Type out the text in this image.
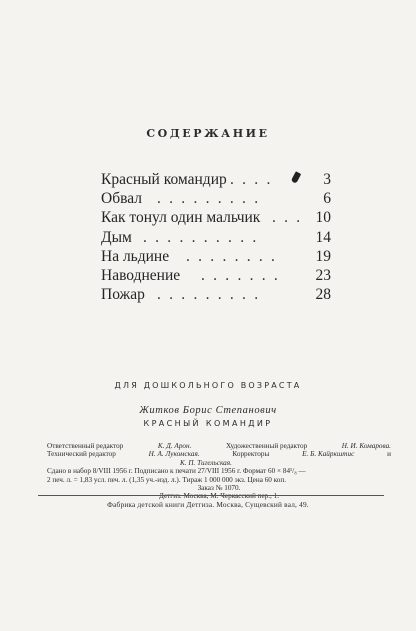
СОДЕРЖАНИЕ
Красный командир . . . .	3
Обвал . . . . . . . . .	6
Как тонул один мальчик . . . 10
Дым . . . . . . . . . .	14
На льдине . . . . . . . . 19
Наводнение . . . . . . . 23
Пожар . . . . . . . . .	28
ДЛЯ ДОШКОЛЬНОГО ВОЗРАСТА
Житков Борис Степанович
КРАСНЫЙ КОМАНДИР
Ответственный редактор	К. Д. Арон.	Художественный редактор	Н. И. Комарова.
Технический редактор	Н. А. Лукомская.	Корректоры	Е. Б. Кайркштис	и
К. П. Тигельская.
Сдано в набор 8/VIII 1956 г. Подписано к печати 27/VIII 1956 г. Формат 60 × 84¹/₈ —
2 печ. л. = 1,83 усл. печ. л. (1,35 уч.-изд. л.). Тираж 1 000 000 экз. Цена 60 коп.
Заказ № 1070.
Детгиз. Москва, М. Черкасский пер., 1.
Фабрика детской книги Детгиза. Москва, Сущевский вал, 49.
